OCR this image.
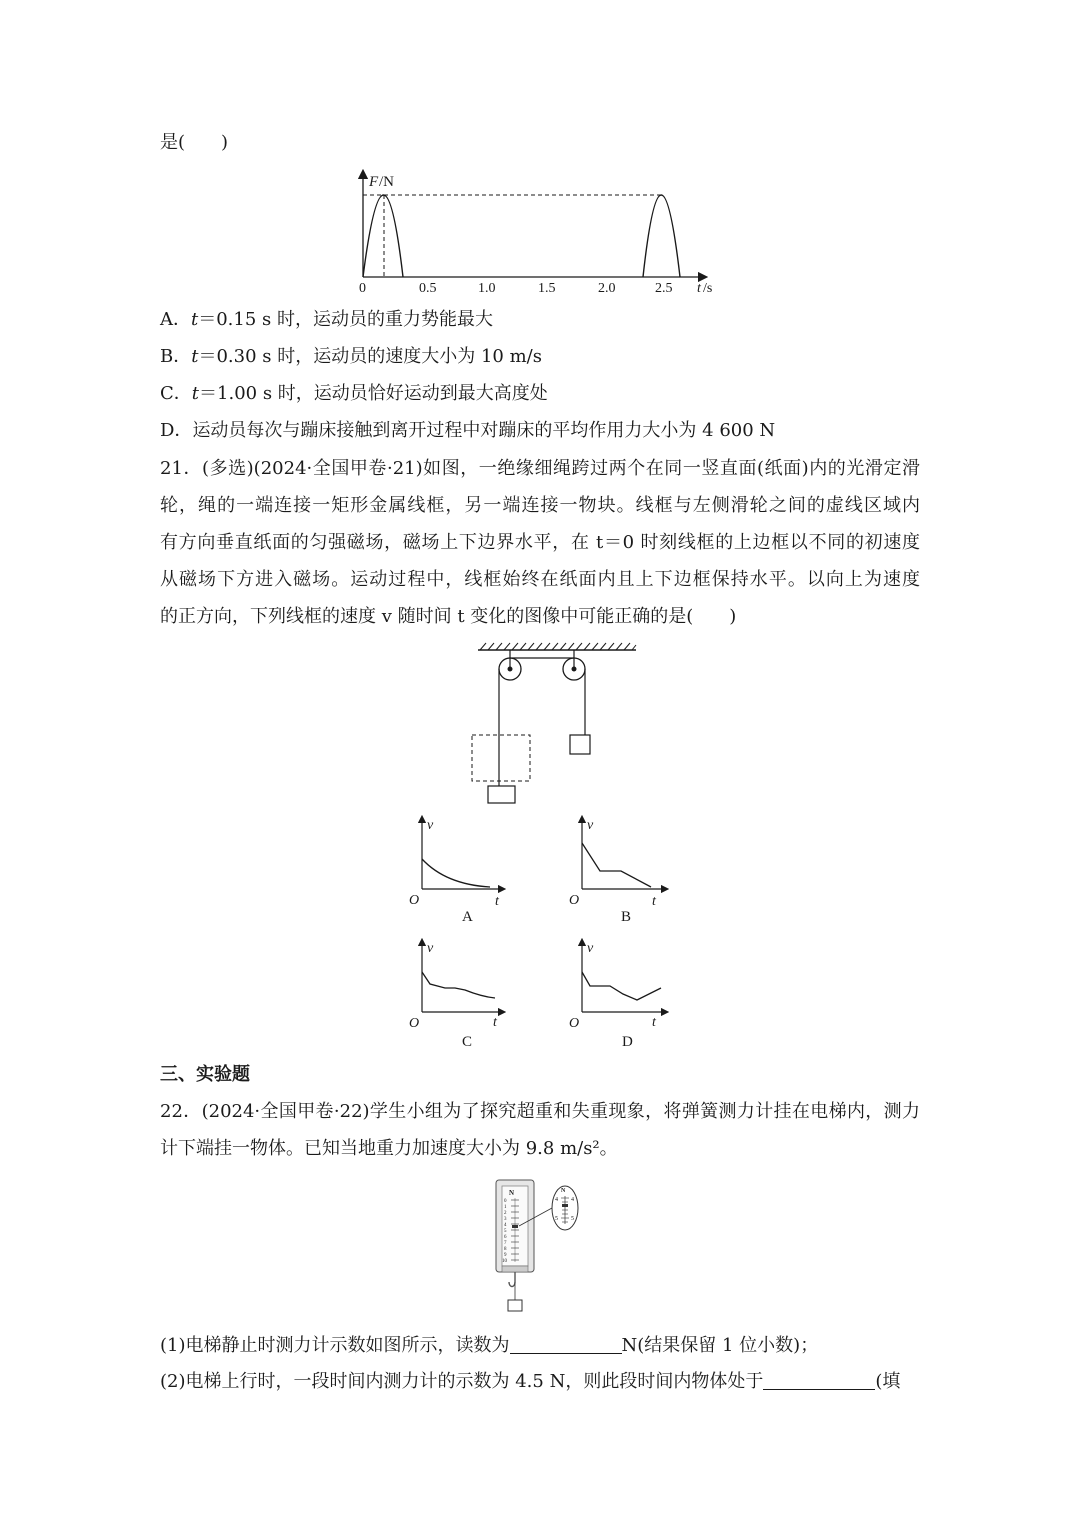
是(　　)
F /N
0	0.5	1.0	1.5	2.0	2.5 t /s
A．t＝0.15 s 时，运动员的重力势能最大
B．t＝0.30 s 时，运动员的速度大小为 10 m/s
C．t＝1.00 s 时，运动员恰好运动到最大高度处
D．运动员每次与蹦床接触到离开过程中对蹦床的平均作用力大小为 4 600 N
21．(多选)(2024·全国甲卷·21)如图，一绝缘细绳跨过两个在同一竖直面(纸面)内的光滑定滑
轮，绳的一端连接一矩形金属线框，另一端连接一物块。线框与左侧滑轮之间的虚线区域内
有方向垂直纸面的匀强磁场，磁场上下边界水平，在 t＝0 时刻线框的上边框以不同的初速度
从磁场下方进入磁场。运动过程中，线框始终在纸面内且上下边框保持水平。以向上为速度
的正方向，下列线框的速度 v 随时间 t 变化的图像中可能正确的是(　　)
v
O	t
A
v
O	t
B
v
O	t
C
v
O	t
D
三、实验题
22．(2024·全国甲卷·22)学生小组为了探究超重和失重现象，将弹簧测力计挂在电梯内，测力
计下端挂一物体。已知当地重力加速度大小为 9.8 m/s²。
N
0
1
2
3
4
5
6
7
8
9
10
N
4
5
4
5
(1)电梯静止时测力计示数如图所示，读数为	N(结果保留 1 位小数)；
(2)电梯上行时，一段时间内测力计的示数为 4.5 N，则此段时间内物体处于	(填
